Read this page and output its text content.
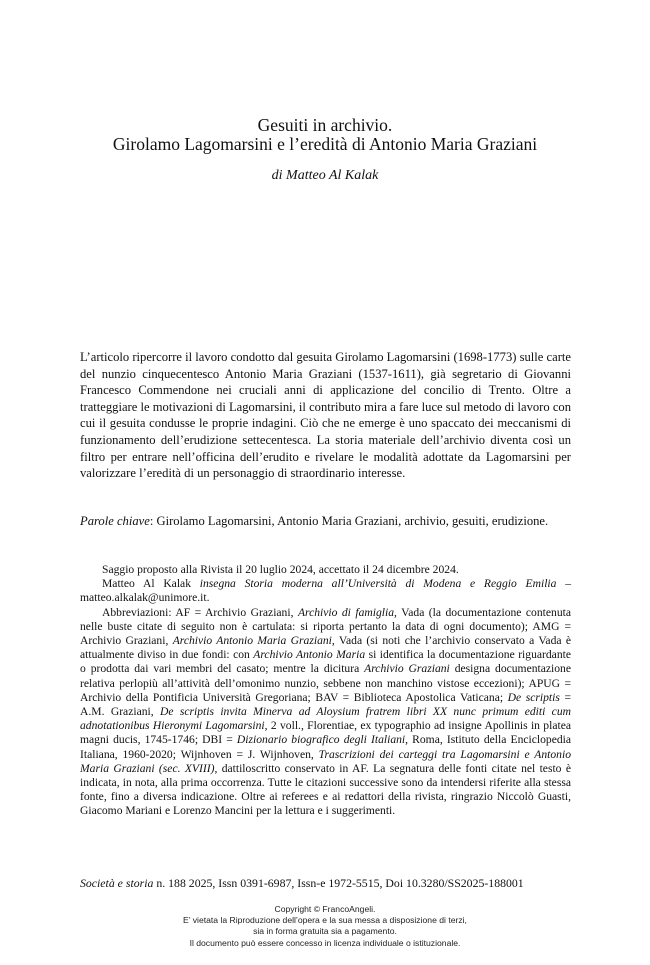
Gesuiti in archivio.
Girolamo Lagomarsini e l’eredità di Antonio Maria Graziani
di Matteo Al Kalak
L’articolo ripercorre il lavoro condotto dal gesuita Girolamo Lagomarsini (1698-1773) sulle carte del nunzio cinquecentesco Antonio Maria Graziani (1537-1611), già segretario di Giovanni Francesco Commendone nei cruciali anni di applicazione del concilio di Trento. Oltre a tratteggiare le motivazioni di Lagomarsini, il contributo mira a fare luce sul metodo di lavoro con cui il gesuita condusse le proprie indagini. Ciò che ne emerge è uno spaccato dei meccanismi di funzionamento dell’erudizione settecentesca. La storia materiale dell’archivio diventa così un filtro per entrare nell’officina dell’erudito e rivelare le modalità adottate da Lagomarsini per valorizzare l’eredità di un personaggio di straordinario interesse.
Parole chiave: Girolamo Lagomarsini, Antonio Maria Graziani, archivio, gesuiti, erudizione.

Saggio proposto alla Rivista il 20 luglio 2024, accettato il 24 dicembre 2024.

Matteo Al Kalak insegna Storia moderna all’Università di Modena e Reggio Emilia – matteo.alkalak@unimore.it.

Abbreviazioni: AF = Archivio Graziani, Archivio di famiglia, Vada (la documentazione contenuta nelle buste citate di seguito non è cartulata: si riporta pertanto la data di ogni documento); AMG = Archivio Graziani, Archivio Antonio Maria Graziani, Vada (si noti che l’archivio conservato a Vada è attualmente diviso in due fondi: con Archivio Antonio Maria si identifica la documentazione riguardante o prodotta dai vari membri del casato; mentre la dicitura Archivio Graziani designa documentazione relativa perlopiù all’attività dell’omonimo nunzio, sebbene non manchino vistose eccezioni); APUG = Archivio della Pontificia Università Gregoriana; BAV = Biblioteca Apostolica Vaticana; De scriptis = A.M. Graziani, De scriptis invita Minerva ad Aloysium fratrem libri XX nunc primum editi cum adnotationibus Hieronymi Lagomarsini, 2 voll., Florentiae, ex typographio ad insigne Apollinis in platea magni ducis, 1745-1746; DBI = Dizionario biografico degli Italiani, Roma, Istituto della Enciclopedia Italiana, 1960-2020; Wijnhoven = J. Wijnhoven, Trascrizioni dei carteggi tra Lagomarsini e Antonio Maria Graziani (sec. XVIII), dattiloscritto conservato in AF. La segnatura delle fonti citate nel testo è indicata, in nota, alla prima occorrenza. Tutte le citazioni successive sono da intendersi riferite alla stessa fonte, fino a diversa indicazione. Oltre ai referees e ai redattori della rivista, ringrazio Niccolò Guasti, Giacomo Mariani e Lorenzo Mancini per la lettura e i suggerimenti.

Società e storia n. 188 2025, Issn 0391-6987, Issn-e 1972-5515, Doi 10.3280/SS2025-188001
Copyright © FrancoAngeli.
E’ vietata la Riproduzione dell’opera e la sua messa a disposizione di terzi,
sia in forma gratuita sia a pagamento.
Il documento può essere concesso in licenza individuale o istituzionale.
